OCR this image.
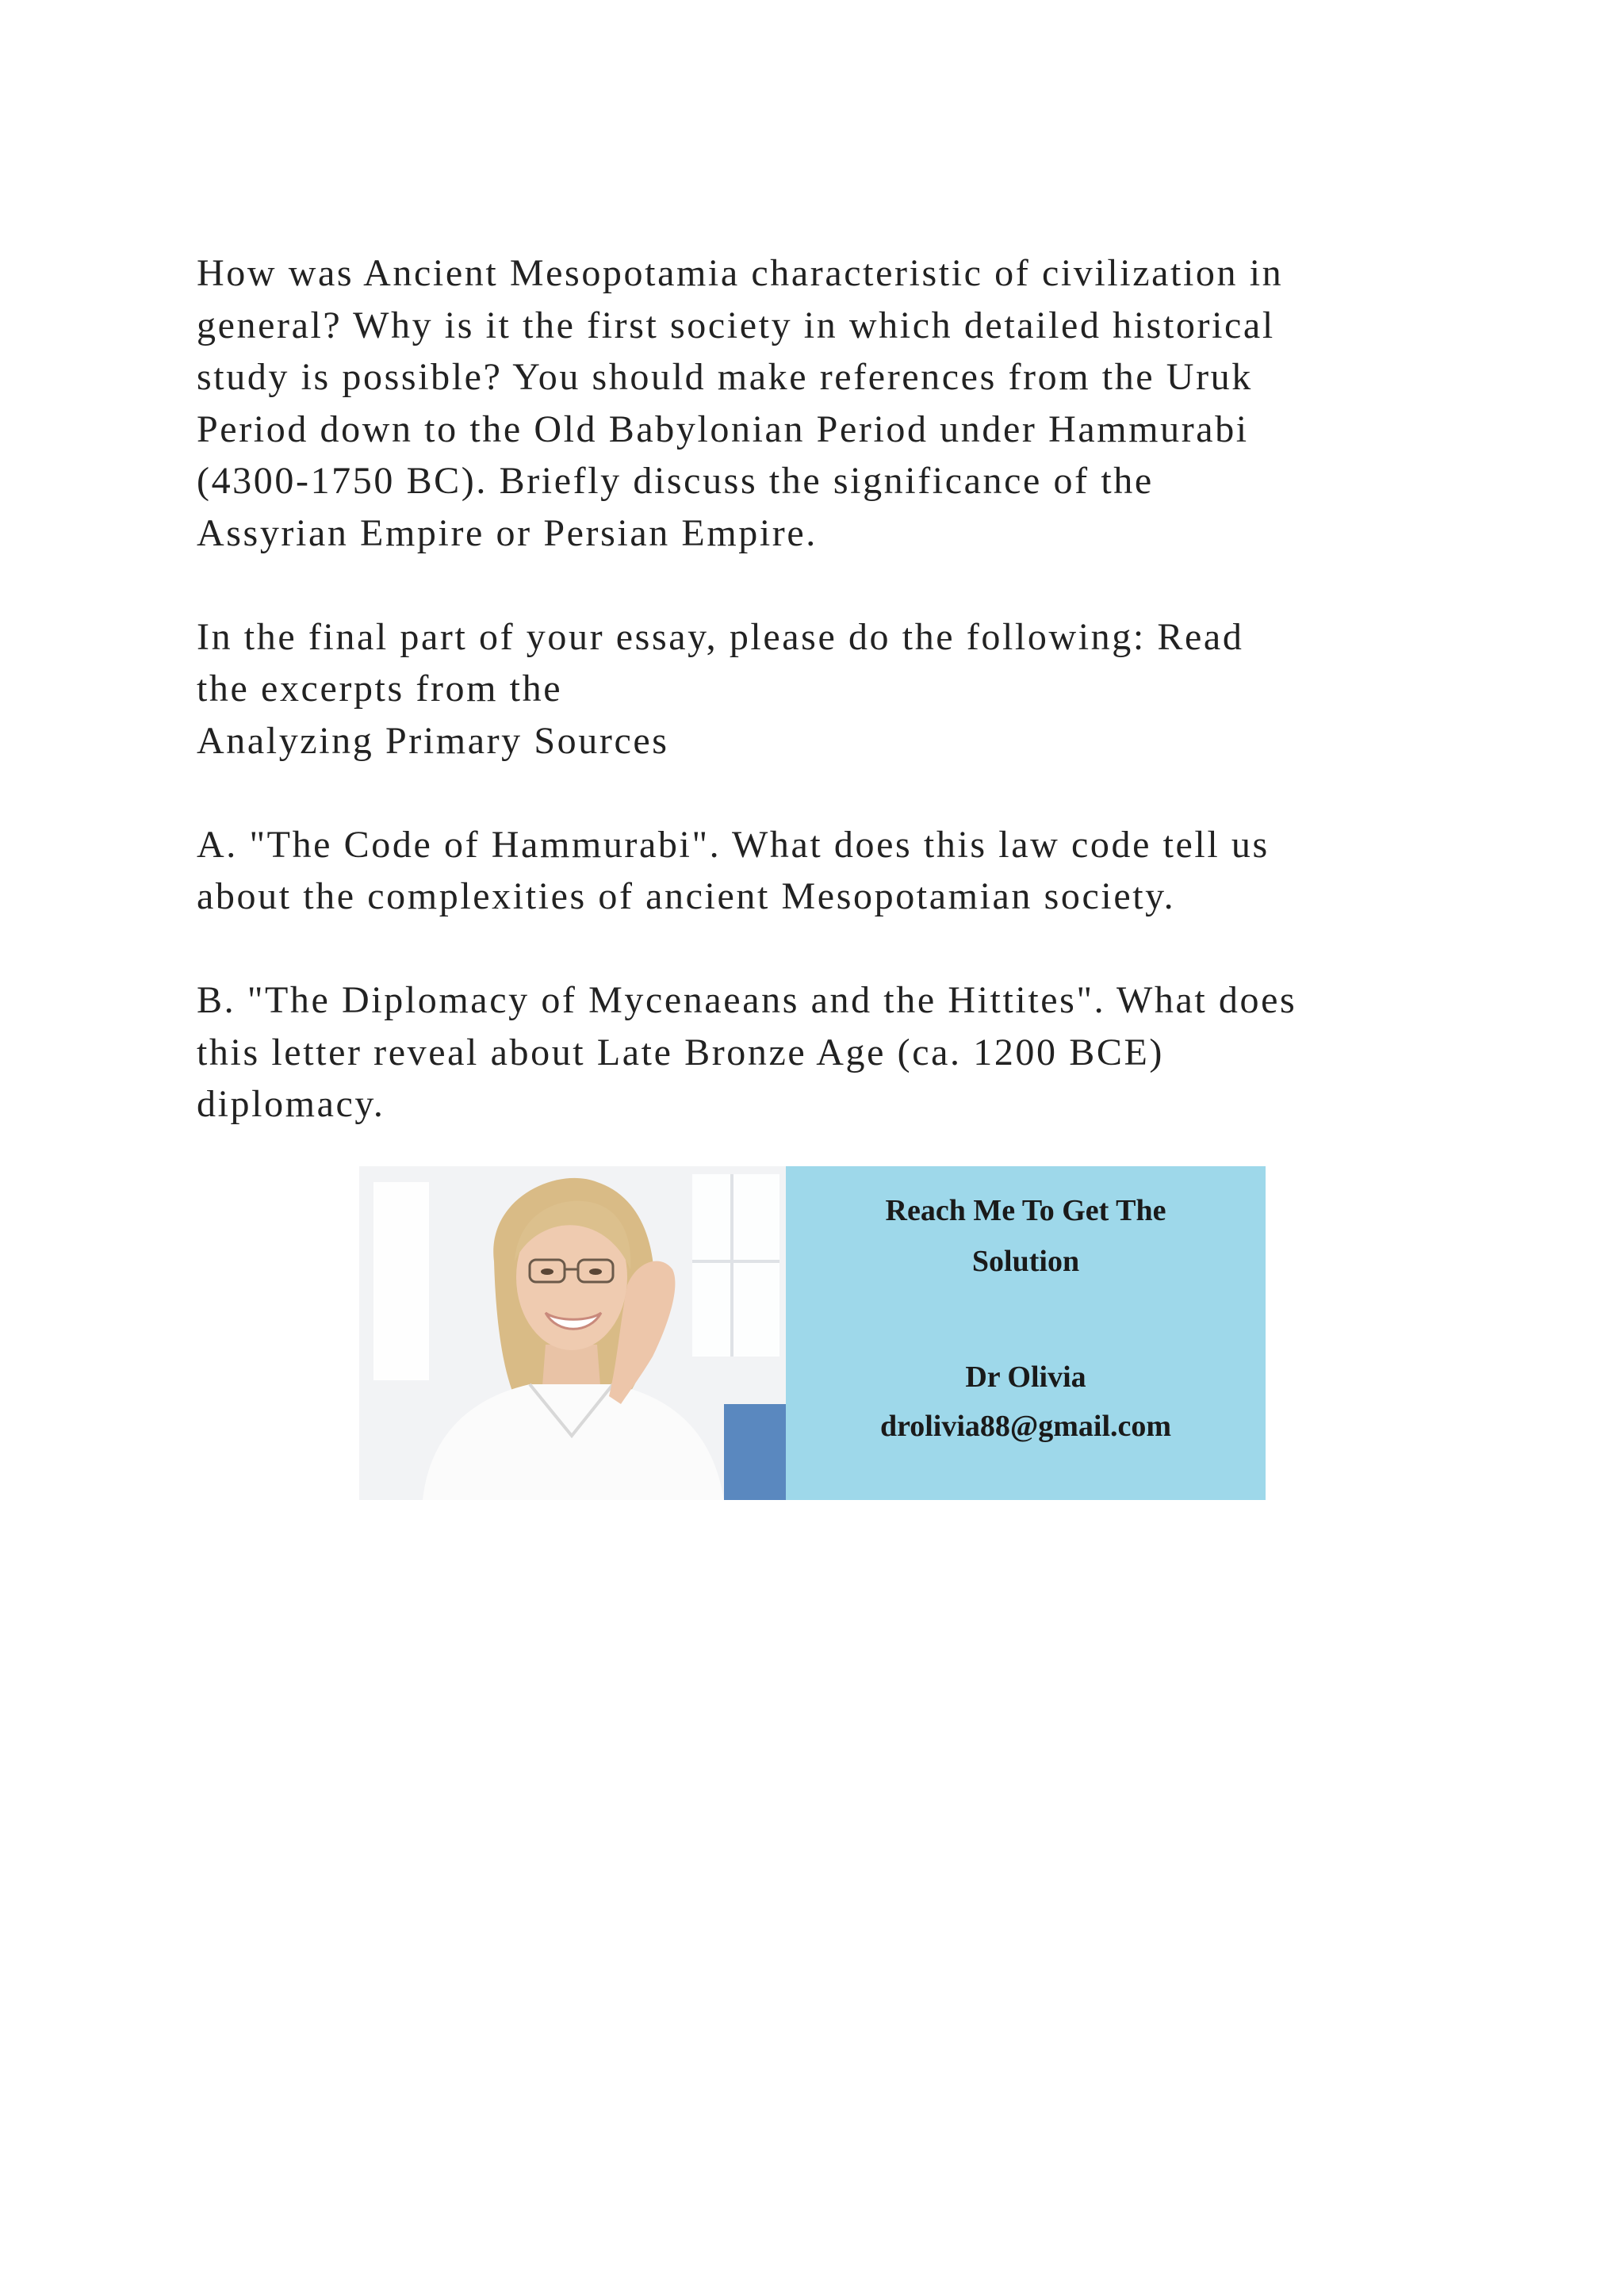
How was Ancient Mesopotamia characteristic of civilization in
general? Why is it the first society in which detailed historical
study is possible? You should make references from the Uruk
Period down to the Old Babylonian Period under Hammurabi
(4300-1750 BC). Briefly discuss the significance of the
Assyrian Empire or Persian Empire.

In the final part of your essay, please do the following: Read
the excerpts from the
Analyzing Primary Sources

A. "The Code of Hammurabi". What does this law code tell us
about the complexities of ancient Mesopotamian society.

B. "The Diplomacy of Mycenaeans and the Hittites". What does
this letter reveal about Late Bronze Age (ca. 1200 BCE)
diplomacy.

Reach Me To Get The
Solution
Dr Olivia
drolivia88@gmail.com
